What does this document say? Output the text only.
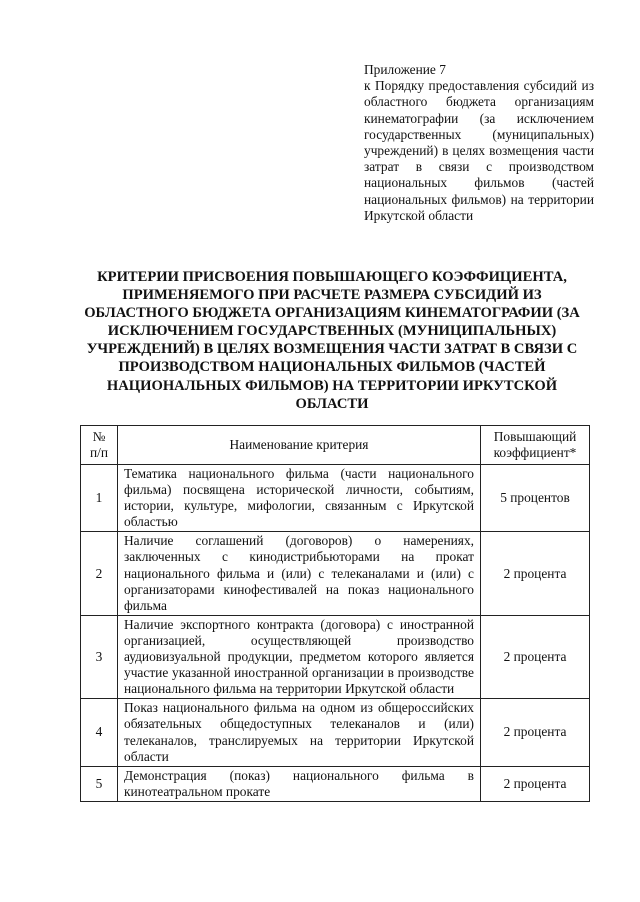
Приложение 7
к Порядку предоставления субсидий из областного бюджета организациям кинематографии (за исключением государственных (муниципальных) учреждений) в целях возмещения части затрат в связи с производством национальных фильмов (частей национальных фильмов) на территории Иркутской области
КРИТЕРИИ ПРИСВОЕНИЯ ПОВЫШАЮЩЕГО КОЭФФИЦИЕНТА, ПРИМЕНЯЕМОГО ПРИ РАСЧЕТЕ РАЗМЕРА СУБСИДИЙ ИЗ ОБЛАСТНОГО БЮДЖЕТА ОРГАНИЗАЦИЯМ КИНЕМАТОГРАФИИ (ЗА ИСКЛЮЧЕНИЕМ ГОСУДАРСТВЕННЫХ (МУНИЦИПАЛЬНЫХ) УЧРЕЖДЕНИЙ) В ЦЕЛЯХ ВОЗМЕЩЕНИЯ ЧАСТИ ЗАТРАТ В СВЯЗИ С ПРОИЗВОДСТВОМ НАЦИОНАЛЬНЫХ ФИЛЬМОВ (ЧАСТЕЙ НАЦИОНАЛЬНЫХ ФИЛЬМОВ) НА ТЕРРИТОРИИ ИРКУТСКОЙ ОБЛАСТИ
№ п/п	Наименование критерия	Повышающий коэффициент*
1	Тематика национального фильма (части национального фильма) посвящена исторической личности, событиям, истории, культуре, мифологии, связанным с Иркутской областью	5 процентов
2	Наличие соглашений (договоров) о намерениях, заключенных с кинодистрибьюторами на прокат национального фильма и (или) с телеканалами и (или) с организаторами кинофестивалей на показ национального фильма	2 процента
3	Наличие экспортного контракта (договора) с иностранной организацией, осуществляющей производство аудиовизуальной продукции, предметом которого является участие указанной иностранной организации в производстве национального фильма на территории Иркутской области	2 процента
4	Показ национального фильма на одном из общероссийских обязательных общедоступных телеканалов и (или) телеканалов, транслируемых на территории Иркутской области	2 процента
5	Демонстрация (показ) национального фильма в кинотеатральном прокате	2 процента
